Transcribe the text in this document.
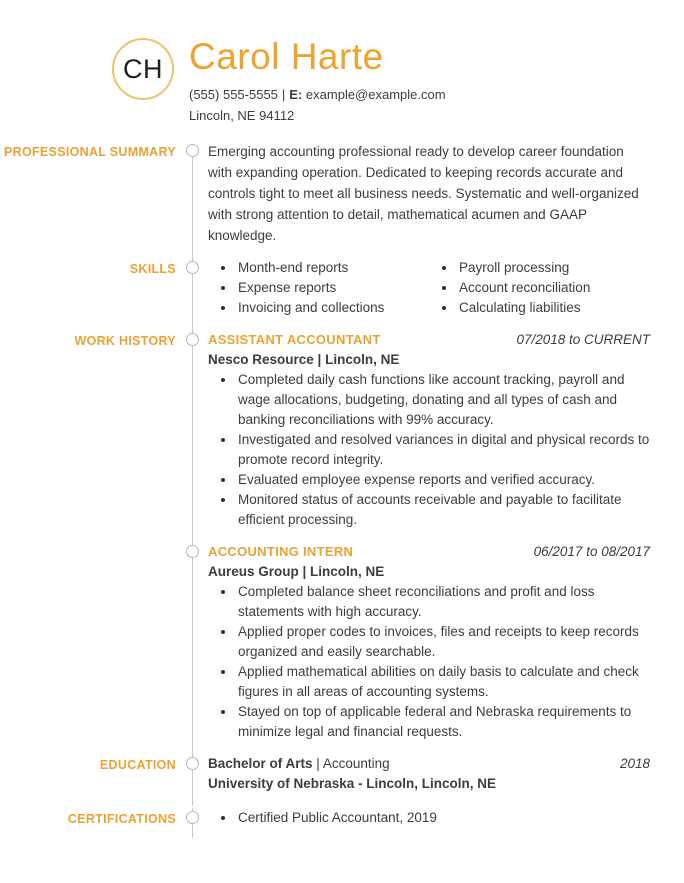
CH Carol Harte
(555) 555-5555 | E: example@example.com
Lincoln, NE 94112
PROFESSIONAL SUMMARY Emerging accounting professional ready to develop career foundation with expanding operation. Dedicated to keeping records accurate and controls tight to meet all business needs. Systematic and well-organized with strong attention to detail, mathematical acumen and GAAP knowledge.

SKILLS	Month-end reports
Expense reports
Invoicing and collections
Payroll processing
Account reconciliation
Calculating liabilities
WORK HISTORY ASSISTANT ACCOUNTANT	07/2018 to CURRENT
Nesco Resource | Lincoln, NE
Completed daily cash functions like account tracking, payroll and wage allocations, budgeting, donating and all types of cash and banking reconciliations with 99% accuracy.
Investigated and resolved variances in digital and physical records to promote record integrity.
Evaluated employee expense reports and verified accuracy.
Monitored status of accounts receivable and payable to facilitate efficient processing.
ACCOUNTING INTERN	06/2017 to 08/2017
Aureus Group | Lincoln, NE
Completed balance sheet reconciliations and profit and loss statements with high accuracy.
Applied proper codes to invoices, files and receipts to keep records organized and easily searchable.
Applied mathematical abilities on daily basis to calculate and check figures in all areas of accounting systems.
Stayed on top of applicable federal and Nebraska requirements to minimize legal and financial requests.
EDUCATION Bachelor of Arts | Accounting	2018
University of Nebraska - Lincoln, Lincoln, NE
CERTIFICATIONS	Certified Public Accountant, 2019
